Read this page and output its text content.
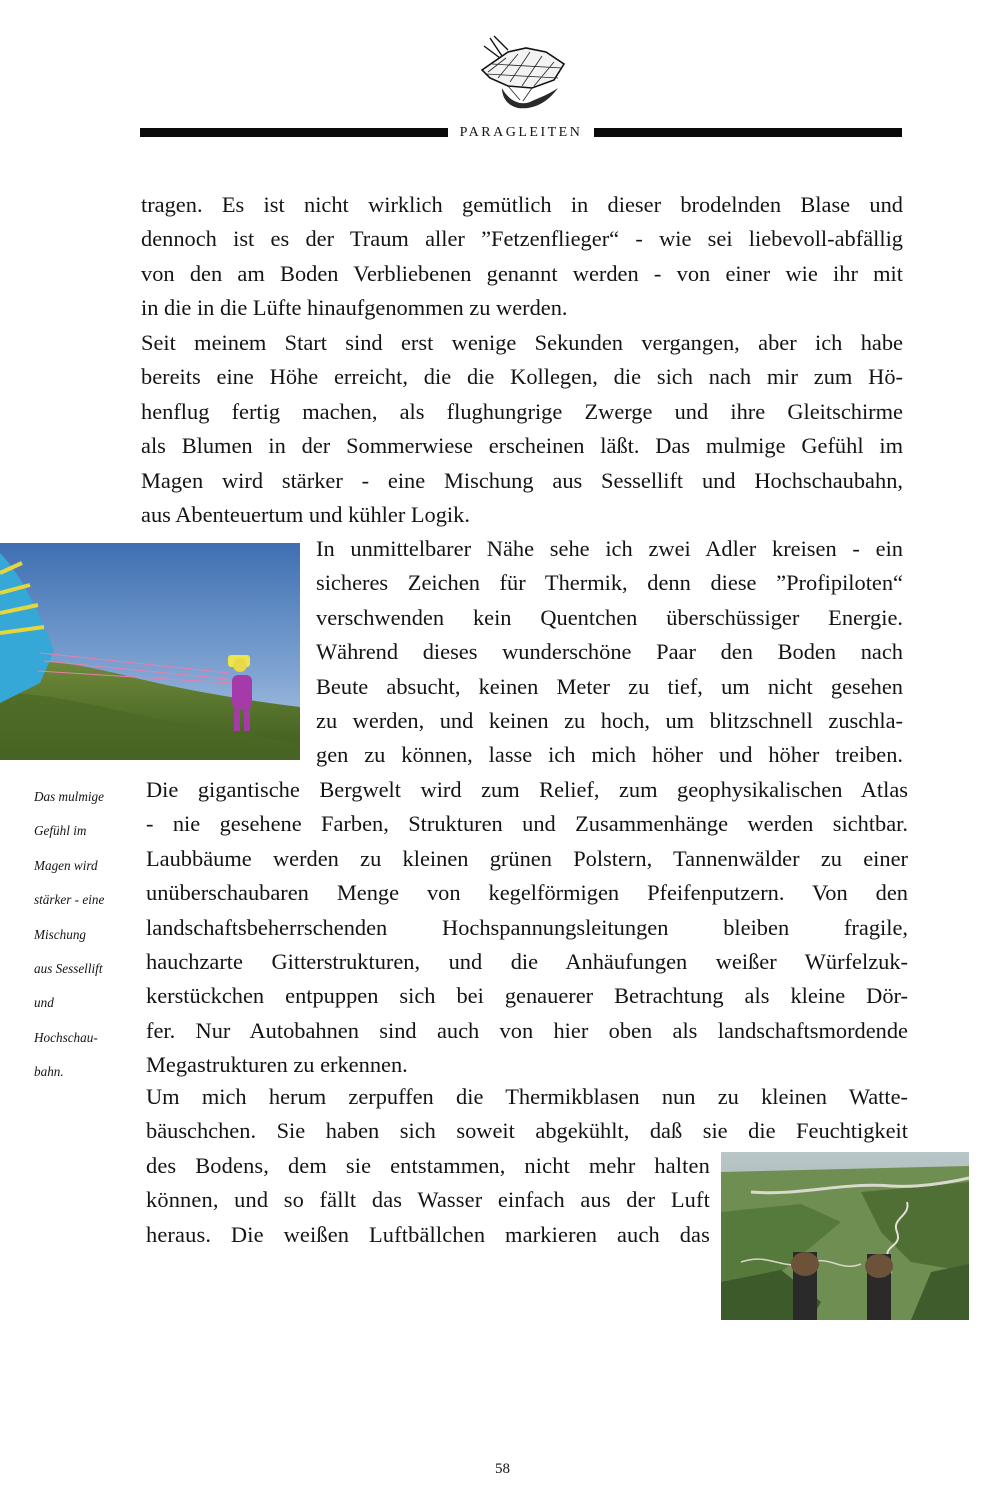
PARAGLEITEN

tragen. Es ist nicht wirklich gemütlich in dieser brodelnden Blase und
dennoch ist es der Traum aller ”Fetzenflieger“ - wie sei liebevoll-abfällig
von den am Boden Verbliebenen genannt werden - von einer wie ihr mit
in die in die Lüfte hinaufgenommen zu werden.

Seit meinem Start sind erst wenige Sekunden vergangen, aber ich habe
bereits eine Höhe erreicht, die die Kollegen, die sich nach mir zum Hö-
henflug fertig machen, als flughungrige Zwerge und ihre Gleitschirme
als Blumen in der Sommerwiese erscheinen läßt. Das mulmige Gefühl im
Magen wird stärker - eine Mischung aus Sessellift und Hochschaubahn,
aus Abenteuertum und kühler Logik.

In unmittelbarer Nähe sehe ich zwei Adler kreisen - ein
sicheres Zeichen für Thermik, denn diese ”Profipiloten“
verschwenden kein Quentchen überschüssiger Energie.
Während dieses wunderschöne Paar den Boden nach
Beute absucht, keinen Meter zu tief, um nicht gesehen
zu werden, und keinen zu hoch, um blitzschnell zuschla-
gen zu können, lasse ich mich höher und höher treiben.

Das mulmige
Gefühl im
Magen wird
stärker - eine
Mischung
aus Sessellift
und
Hochschau-
bahn.

Die gigantische Bergwelt wird zum Relief, zum geophysikalischen Atlas
- nie gesehene Farben, Strukturen und Zusammenhänge werden sichtbar.
Laubbäume werden zu kleinen grünen Polstern, Tannenwälder zu einer
unüberschaubaren Menge von kegelförmigen Pfeifenputzern. Von den
landschaftsbeherrschenden Hochspannungsleitungen bleiben fragile,
hauchzarte Gitterstrukturen, und die Anhäufungen weißer Würfelzuk-
kerstückchen entpuppen sich bei genauerer Betrachtung als kleine Dör-
fer. Nur Autobahnen sind auch von hier oben als landschaftsmordende
Megastrukturen zu erkennen.

Um mich herum zerpuffen die Thermikblasen nun zu kleinen Watte-
bäuschchen. Sie haben sich soweit abgekühlt, daß sie die Feuchtigkeit

des Bodens, dem sie entstammen, nicht mehr halten
können, und so fällt das Wasser einfach aus der Luft
heraus. Die weißen Luftbällchen markieren auch das

58
